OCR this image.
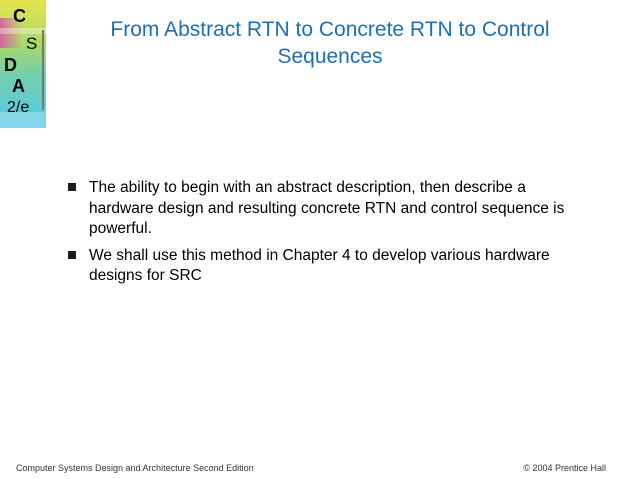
C
S
D
A
2/e
From Abstract RTN to Concrete RTN to Control Sequences
The ability to begin with an abstract description, then describe a hardware design and resulting concrete RTN and control sequence is powerful.
We shall use this method in Chapter 4 to develop various hardware designs for SRC
Computer Systems Design and Architecture Second Edition	© 2004 Prentice Hall
